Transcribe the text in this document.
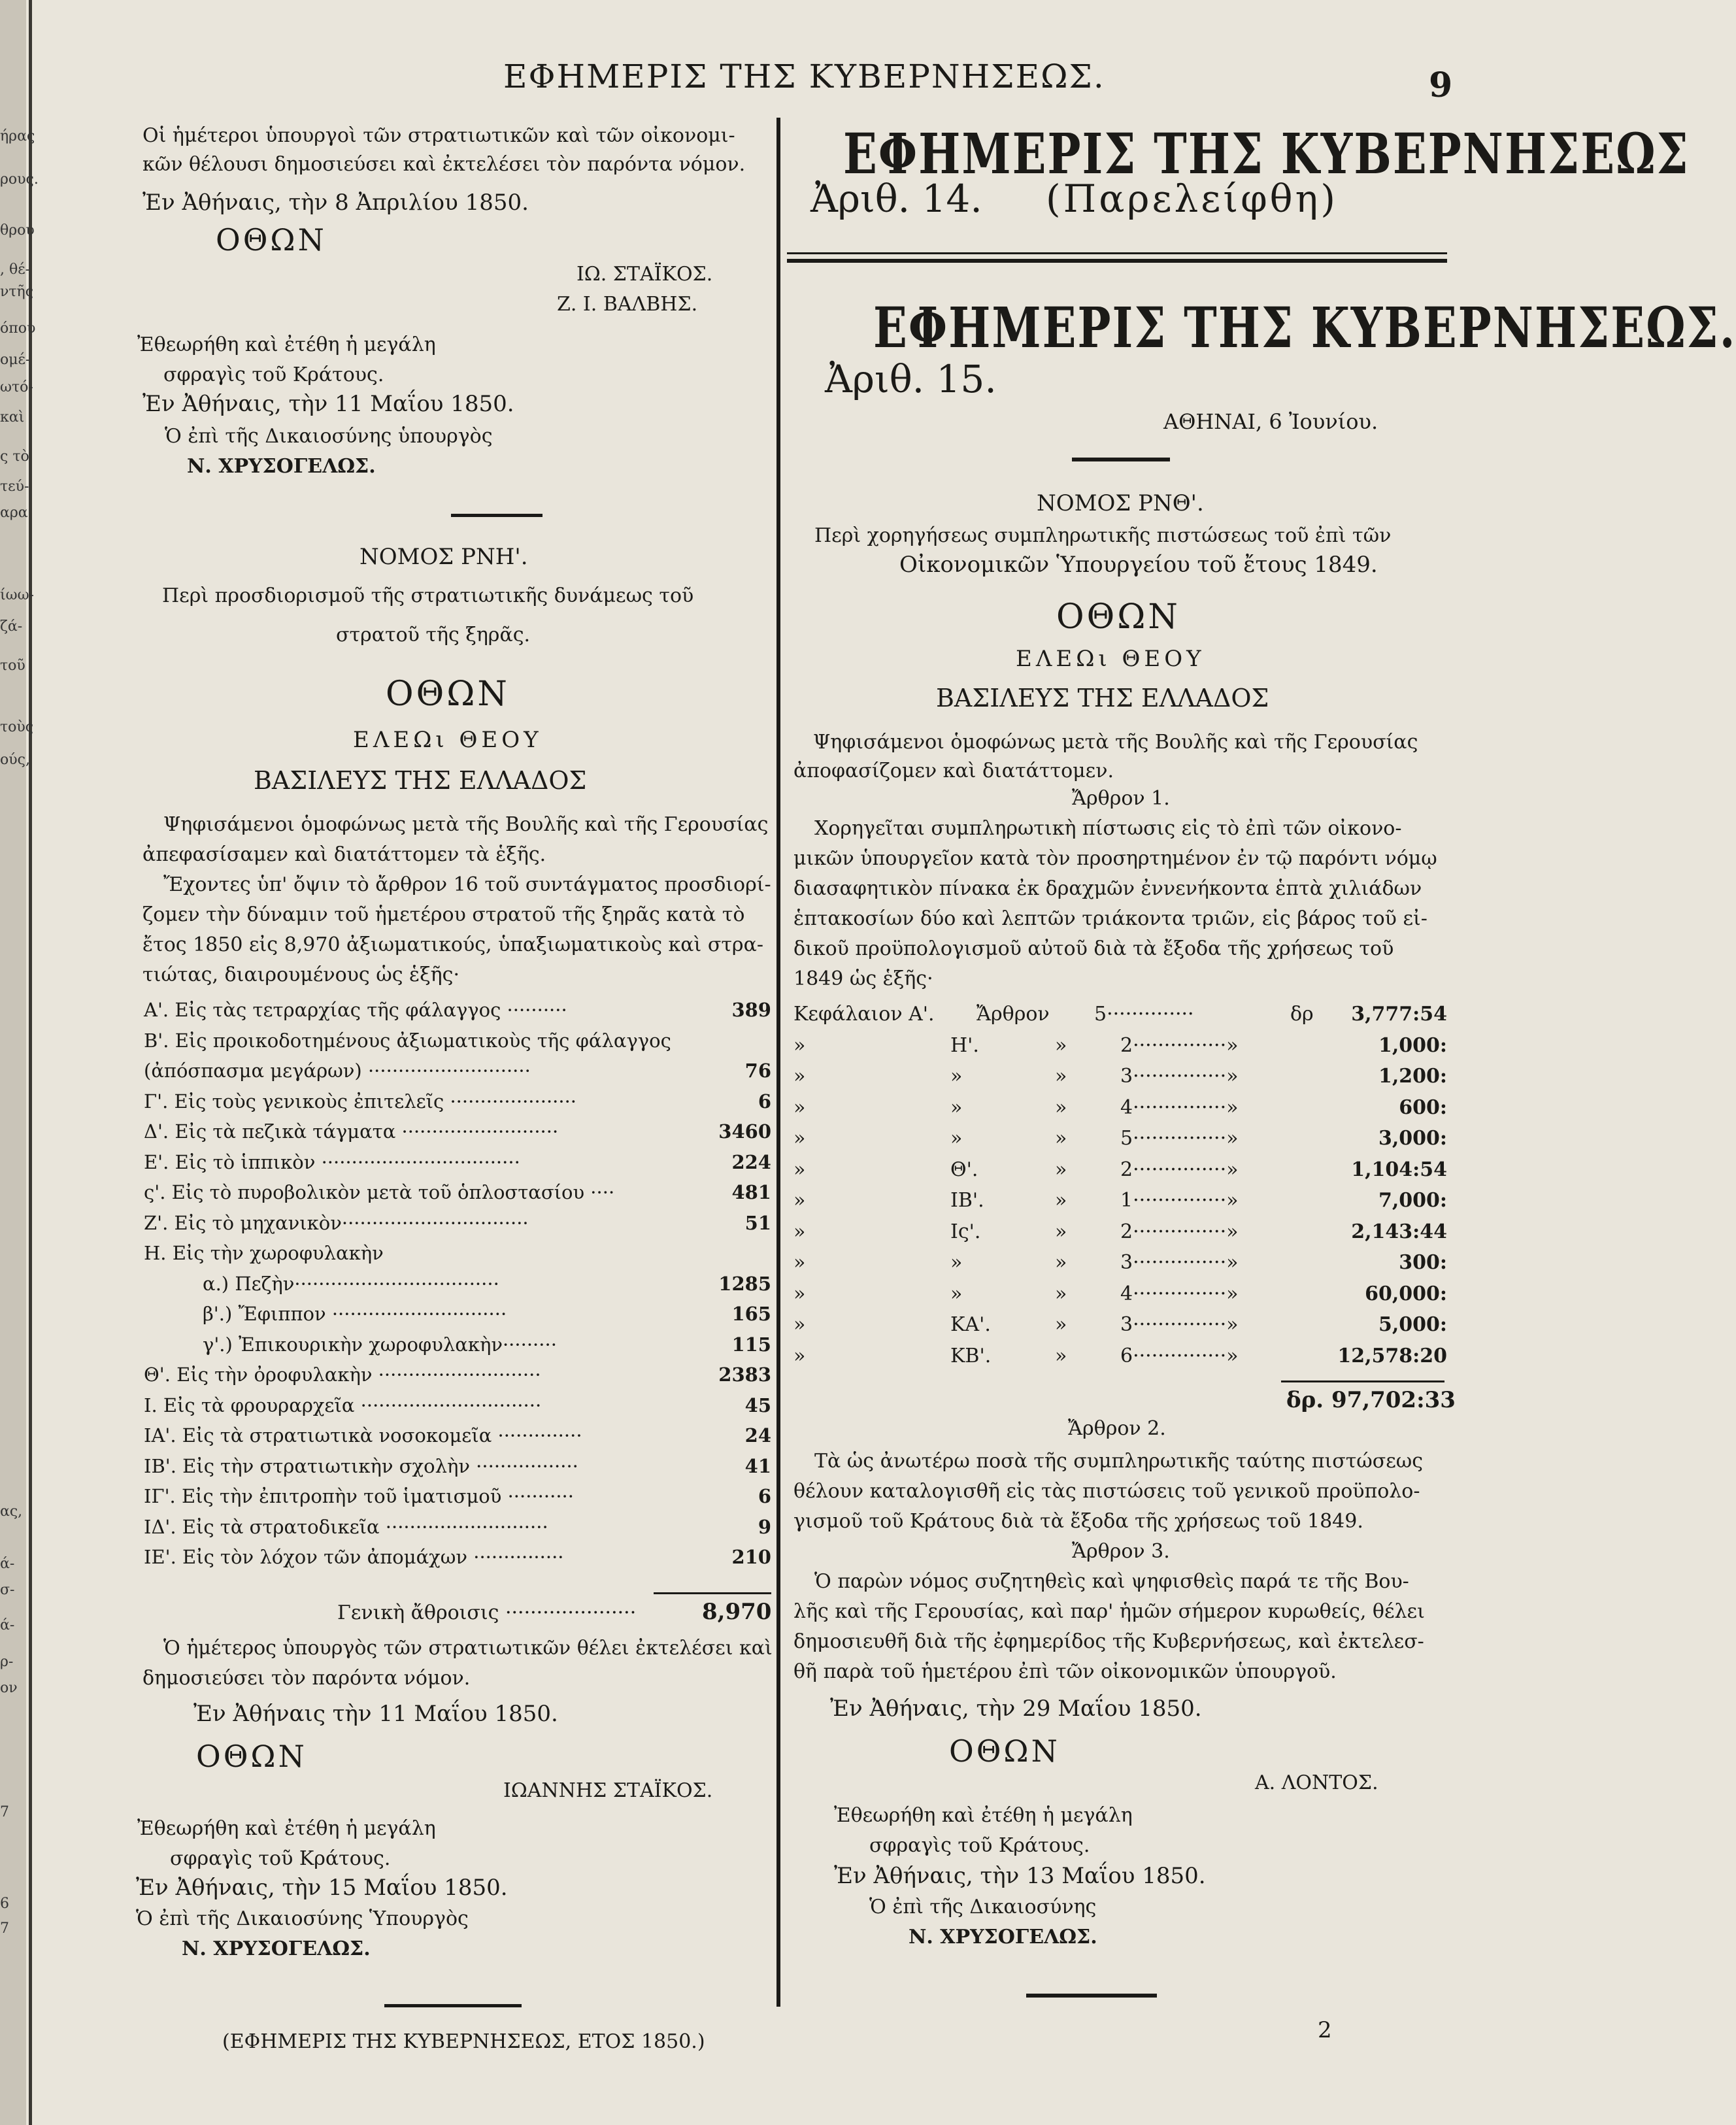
ήρας
ρους.
θρου
, θέ-
ντῆς
όπου
ομέ-
ωτό-
καὶ
ς τὸ
τεύ-
αρα
ίωω-
ζά-
τοῦ
τοὺς
ούς,
ας,
ά-
σ-
ά-
ρ-
ον
7
6
7
ΕΦΗΜΕΡΙΣ ΤΗΣ ΚΥΒΕΡΝΗΣΕΩΣ.	9
Οἱ ἡμέτεροι ὑπουργοὶ τῶν στρατιωτικῶν καὶ τῶν οἰκονομι-
κῶν θέλουσι δημοσιεύσει καὶ ἐκτελέσει τὸν παρόντα νόμον.
Ἐν Ἀθήναις, τὴν 8 Ἀπριλίου 1850.
ΟΘΩΝ
ΙΩ. ΣΤΑΪΚΟΣ.
Ζ. Ι. ΒΑΛΒΗΣ.
Ἐθεωρήθη καὶ ἐτέθη ἡ μεγάλη
σφραγὶς τοῦ Κράτους.
Ἐν Ἀθήναις, τὴν 11 Μαΐου 1850.
Ὁ ἐπὶ τῆς Δικαιοσύνης ὑπουργὸς
Ν. ΧΡΥΣΟΓΕΛΩΣ.
ΝΟΜΟΣ ΡΝΗ'.
Περὶ προσδιορισμοῦ τῆς στρατιωτικῆς δυνάμεως τοῦ
στρατοῦ τῆς ξηρᾶς.
ΟΘΩΝ
ΕΛΕΩι ΘΕΟΥ
ΒΑΣΙΛΕΥΣ ΤΗΣ ΕΛΛΑΔΟΣ
Ψηφισάμενοι ὁμοφώνως μετὰ τῆς Βουλῆς καὶ τῆς Γερουσίας
ἀπεφασίσαμεν καὶ διατάττομεν τὰ ἑξῆς.
Ἔχοντες ὑπ' ὄψιν τὸ ἄρθρον 16 τοῦ συντάγματος προσδιορί-
ζομεν τὴν δύναμιν τοῦ ἡμετέρου στρατοῦ τῆς ξηρᾶς κατὰ τὸ
ἔτος 1850 εἰς 8,970 ἀξιωματικούς, ὑπαξιωματικοὺς καὶ στρα-
τιώτας, διαιρουμένους ὡς ἑξῆς·
Α'. Εἰς τὰς τετραρχίας τῆς φάλαγγος ··········	389
Β'. Εἰς προικοδοτημένους ἀξιωματικοὺς τῆς φάλαγγος
(ἀπόσπασμα μεγάρων) ···························	76
Γ'. Εἰς τοὺς γενικοὺς ἐπιτελεῖς ·····················	6
Δ'. Εἰς τὰ πεζικὰ τάγματα ··························	3460
Ε'. Εἰς τὸ ἱππικὸν ·································	224
ς'. Εἰς τὸ πυροβολικὸν μετὰ τοῦ ὁπλοστασίου ····	481
Ζ'. Εἰς τὸ μηχανικὸν·······························	51
Η. Εἰς τὴν χωροφυλακὴν
α.) Πεζὴν··································	1285
β'.) Ἔφιππον ·····························	165
γ'.) Ἐπικουρικὴν χωροφυλακὴν·········	115
Θ'. Εἰς τὴν ὀροφυλακὴν ···························	2383
Ι. Εἰς τὰ φρουραρχεῖα ······························	45
ΙΑ'. Εἰς τὰ στρατιωτικὰ νοσοκομεῖα ··············	24
ΙΒ'. Εἰς τὴν στρατιωτικὴν σχολὴν ·················	41
ΙΓ'. Εἰς τὴν ἐπιτροπὴν τοῦ ἱματισμοῦ ···········	6
ΙΔ'. Εἰς τὰ στρατοδικεῖα ···························	9
ΙΕ'. Εἰς τὸν λόχον τῶν ἀπομάχων ···············	210
Γενικὴ ἄθροισις ·····················	8,970
Ὁ ἡμέτερος ὑπουργὸς τῶν στρατιωτικῶν θέλει ἐκτελέσει καὶ
δημοσιεύσει τὸν παρόντα νόμον.
Ἐν Ἀθήναις τὴν 11 Μαΐου 1850.
ΟΘΩΝ
ΙΩΑΝΝΗΣ ΣΤΑΪΚΟΣ.
Ἐθεωρήθη καὶ ἐτέθη ἡ μεγάλη
σφραγὶς τοῦ Κράτους.
Ἐν Ἀθήναις, τὴν 15 Μαΐου 1850.
Ὁ ἐπὶ τῆς Δικαιοσύνης Ὑπουργὸς
Ν. ΧΡΥΣΟΓΕΛΩΣ.
(ΕΦΗΜΕΡΙΣ ΤΗΣ ΚΥΒΕΡΝΗΣΕΩΣ, ΕΤΟΣ 1850.)
ΕΦΗΜΕΡΙΣ ΤΗΣ ΚΥΒΕΡΝΗΣΕΩΣ
Ἀριθ. 14. (Παρελείφθη)
ΕΦΗΜΕΡΙΣ ΤΗΣ ΚΥΒΕΡΝΗΣΕΩΣ.
Ἀριθ. 15.
ΑΘΗΝΑΙ, 6 Ἰουνίου.
ΝΟΜΟΣ ΡΝΘ'.
Περὶ χορηγήσεως συμπληρωτικῆς πιστώσεως τοῦ ἐπὶ τῶν
Οἰκονομικῶν Ὑπουργείου τοῦ ἔτους 1849.
ΟΘΩΝ
ΕΛΕΩι ΘΕΟΥ
ΒΑΣΙΛΕΥΣ ΤΗΣ ΕΛΛΑΔΟΣ
Ψηφισάμενοι ὁμοφώνως μετὰ τῆς Βουλῆς καὶ τῆς Γερουσίας
ἀποφασίζομεν καὶ διατάττομεν.
Ἄρθρον 1.
Χορηγεῖται συμπληρωτικὴ πίστωσις εἰς τὸ ἐπὶ τῶν οἰκονο-
μικῶν ὑπουργεῖον κατὰ τὸν προσηρτημένον ἐν τῷ παρόντι νόμῳ
διασαφητικὸν πίνακα ἐκ δραχμῶν ἐννενήκοντα ἑπτὰ χιλιάδων
ἑπτακοσίων δύο καὶ λεπτῶν τριάκοντα τριῶν, εἰς βάρος τοῦ εἰ-
δικοῦ προϋπολογισμοῦ αὐτοῦ διὰ τὰ ἔξοδα τῆς χρήσεως τοῦ
1849 ὡς ἑξῆς·
Κεφάλαιον Α'. Ἄρθρον 5··············	δρ 3,777:54
»	Η'.	»	2···············»	1,000:
»	»	»	3···············»	1,200:
»	»	»	4···············»	600:
»	»	»	5···············»	3,000:
»	Θ'.	»	2···············»	1,104:54
»	ΙΒ'.	»	1···············»	7,000:
»	Ις'.	»	2···············»	2,143:44
»	»	»	3···············»	300:
»	»	»	4···············»	60,000:
»	ΚΑ'.	»	3···············»	5,000:
»	ΚΒ'.	»	6···············»	12,578:20
δρ. 97,702:33
Ἄρθρον 2.
Τὰ ὡς ἀνωτέρω ποσὰ τῆς συμπληρωτικῆς ταύτης πιστώσεως
θέλουν καταλογισθῆ εἰς τὰς πιστώσεις τοῦ γενικοῦ προϋπολο-
γισμοῦ τοῦ Κράτους διὰ τὰ ἔξοδα τῆς χρήσεως τοῦ 1849.
Ἄρθρον 3.
Ὁ παρὼν νόμος συζητηθεὶς καὶ ψηφισθεὶς παρά τε τῆς Βου-
λῆς καὶ τῆς Γερουσίας, καὶ παρ' ἡμῶν σήμερον κυρωθείς, θέλει
δημοσιευθῆ διὰ τῆς ἐφημερίδος τῆς Κυβερνήσεως, καὶ ἐκτελεσ-
θῆ παρὰ τοῦ ἡμετέρου ἐπὶ τῶν οἰκονομικῶν ὑπουργοῦ.
Ἐν Ἀθήναις, τὴν 29 Μαΐου 1850.
ΟΘΩΝ
Α. ΛΟΝΤΟΣ.
Ἐθεωρήθη καὶ ἐτέθη ἡ μεγάλη
σφραγὶς τοῦ Κράτους.
Ἐν Ἀθήναις, τὴν 13 Μαΐου 1850.
Ὁ ἐπὶ τῆς Δικαιοσύνης
Ν. ΧΡΥΣΟΓΕΛΩΣ.
2
